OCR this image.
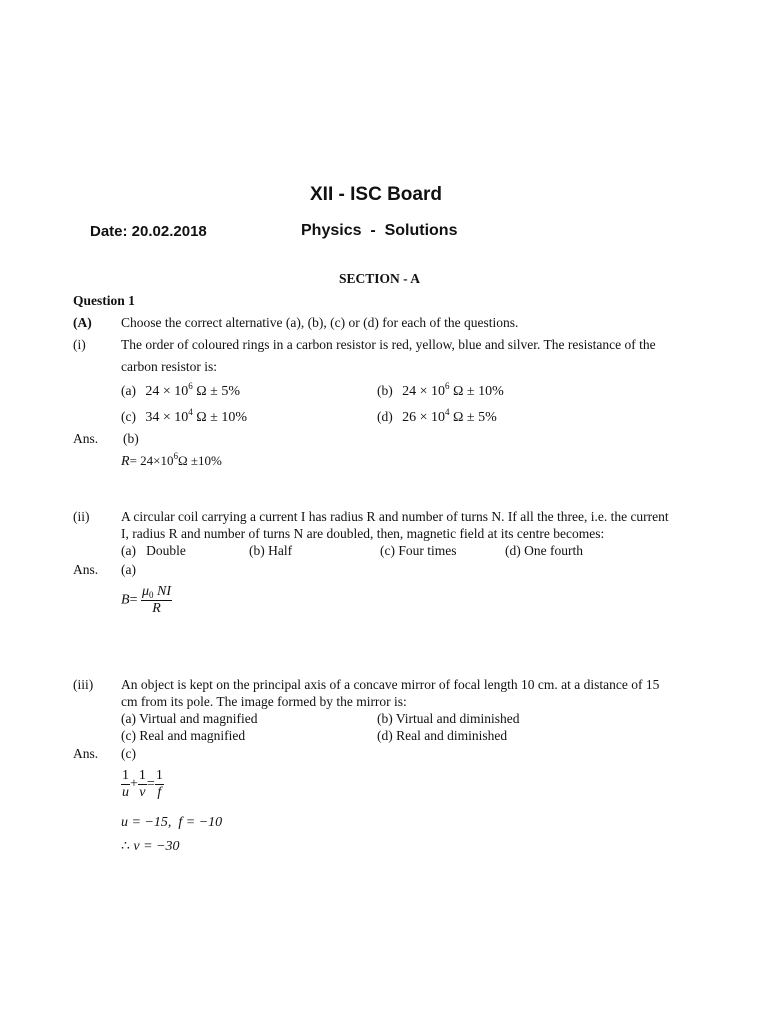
XII - ISC Board
Date: 20.02.2018	Physics  -  Solutions
SECTION - A
Question 1
(A) Choose the correct alternative (a), (b), (c) or (d) for each of the questions.
(i)	The order of coloured rings in a carbon resistor is red, yellow, blue and silver. The resistance of the
carbon resistor is:
(a) $24 \times 10^6$ Ω ± 5%	(b) $24 \times 10^6$ Ω ± 10%
(c) $34 \times 10^4$ Ω ± 10%	(d) $26 \times 10^4$ Ω ± 5%
Ans. (b)
$R= 24\times 10^6\Omega \pm 10\%$
(ii) A circular coil carrying a current I has radius R and number of turns N. If all the three, i.e. the current
I, radius R and number of turns N are doubled, then, magnetic field at its centre becomes:
(a)   Double	(b) Half	(c) Four times	(d) One fourth
Ans. (a)
$B= \frac{\mu_0 NI}{R}$
(iii) An object is kept on the principal axis of a concave mirror of focal length 10 cm. at a distance of 15
cm from its pole. The image formed by the mirror is:
(a) Virtual and magnified	(b) Virtual and diminished
(c) Real and magnified	(d) Real and diminished
Ans. (c)
$\frac{1}{u} + \frac{1}{v} = \frac{1}{f}$
u = −15,  f = −10
∴ v = −30
